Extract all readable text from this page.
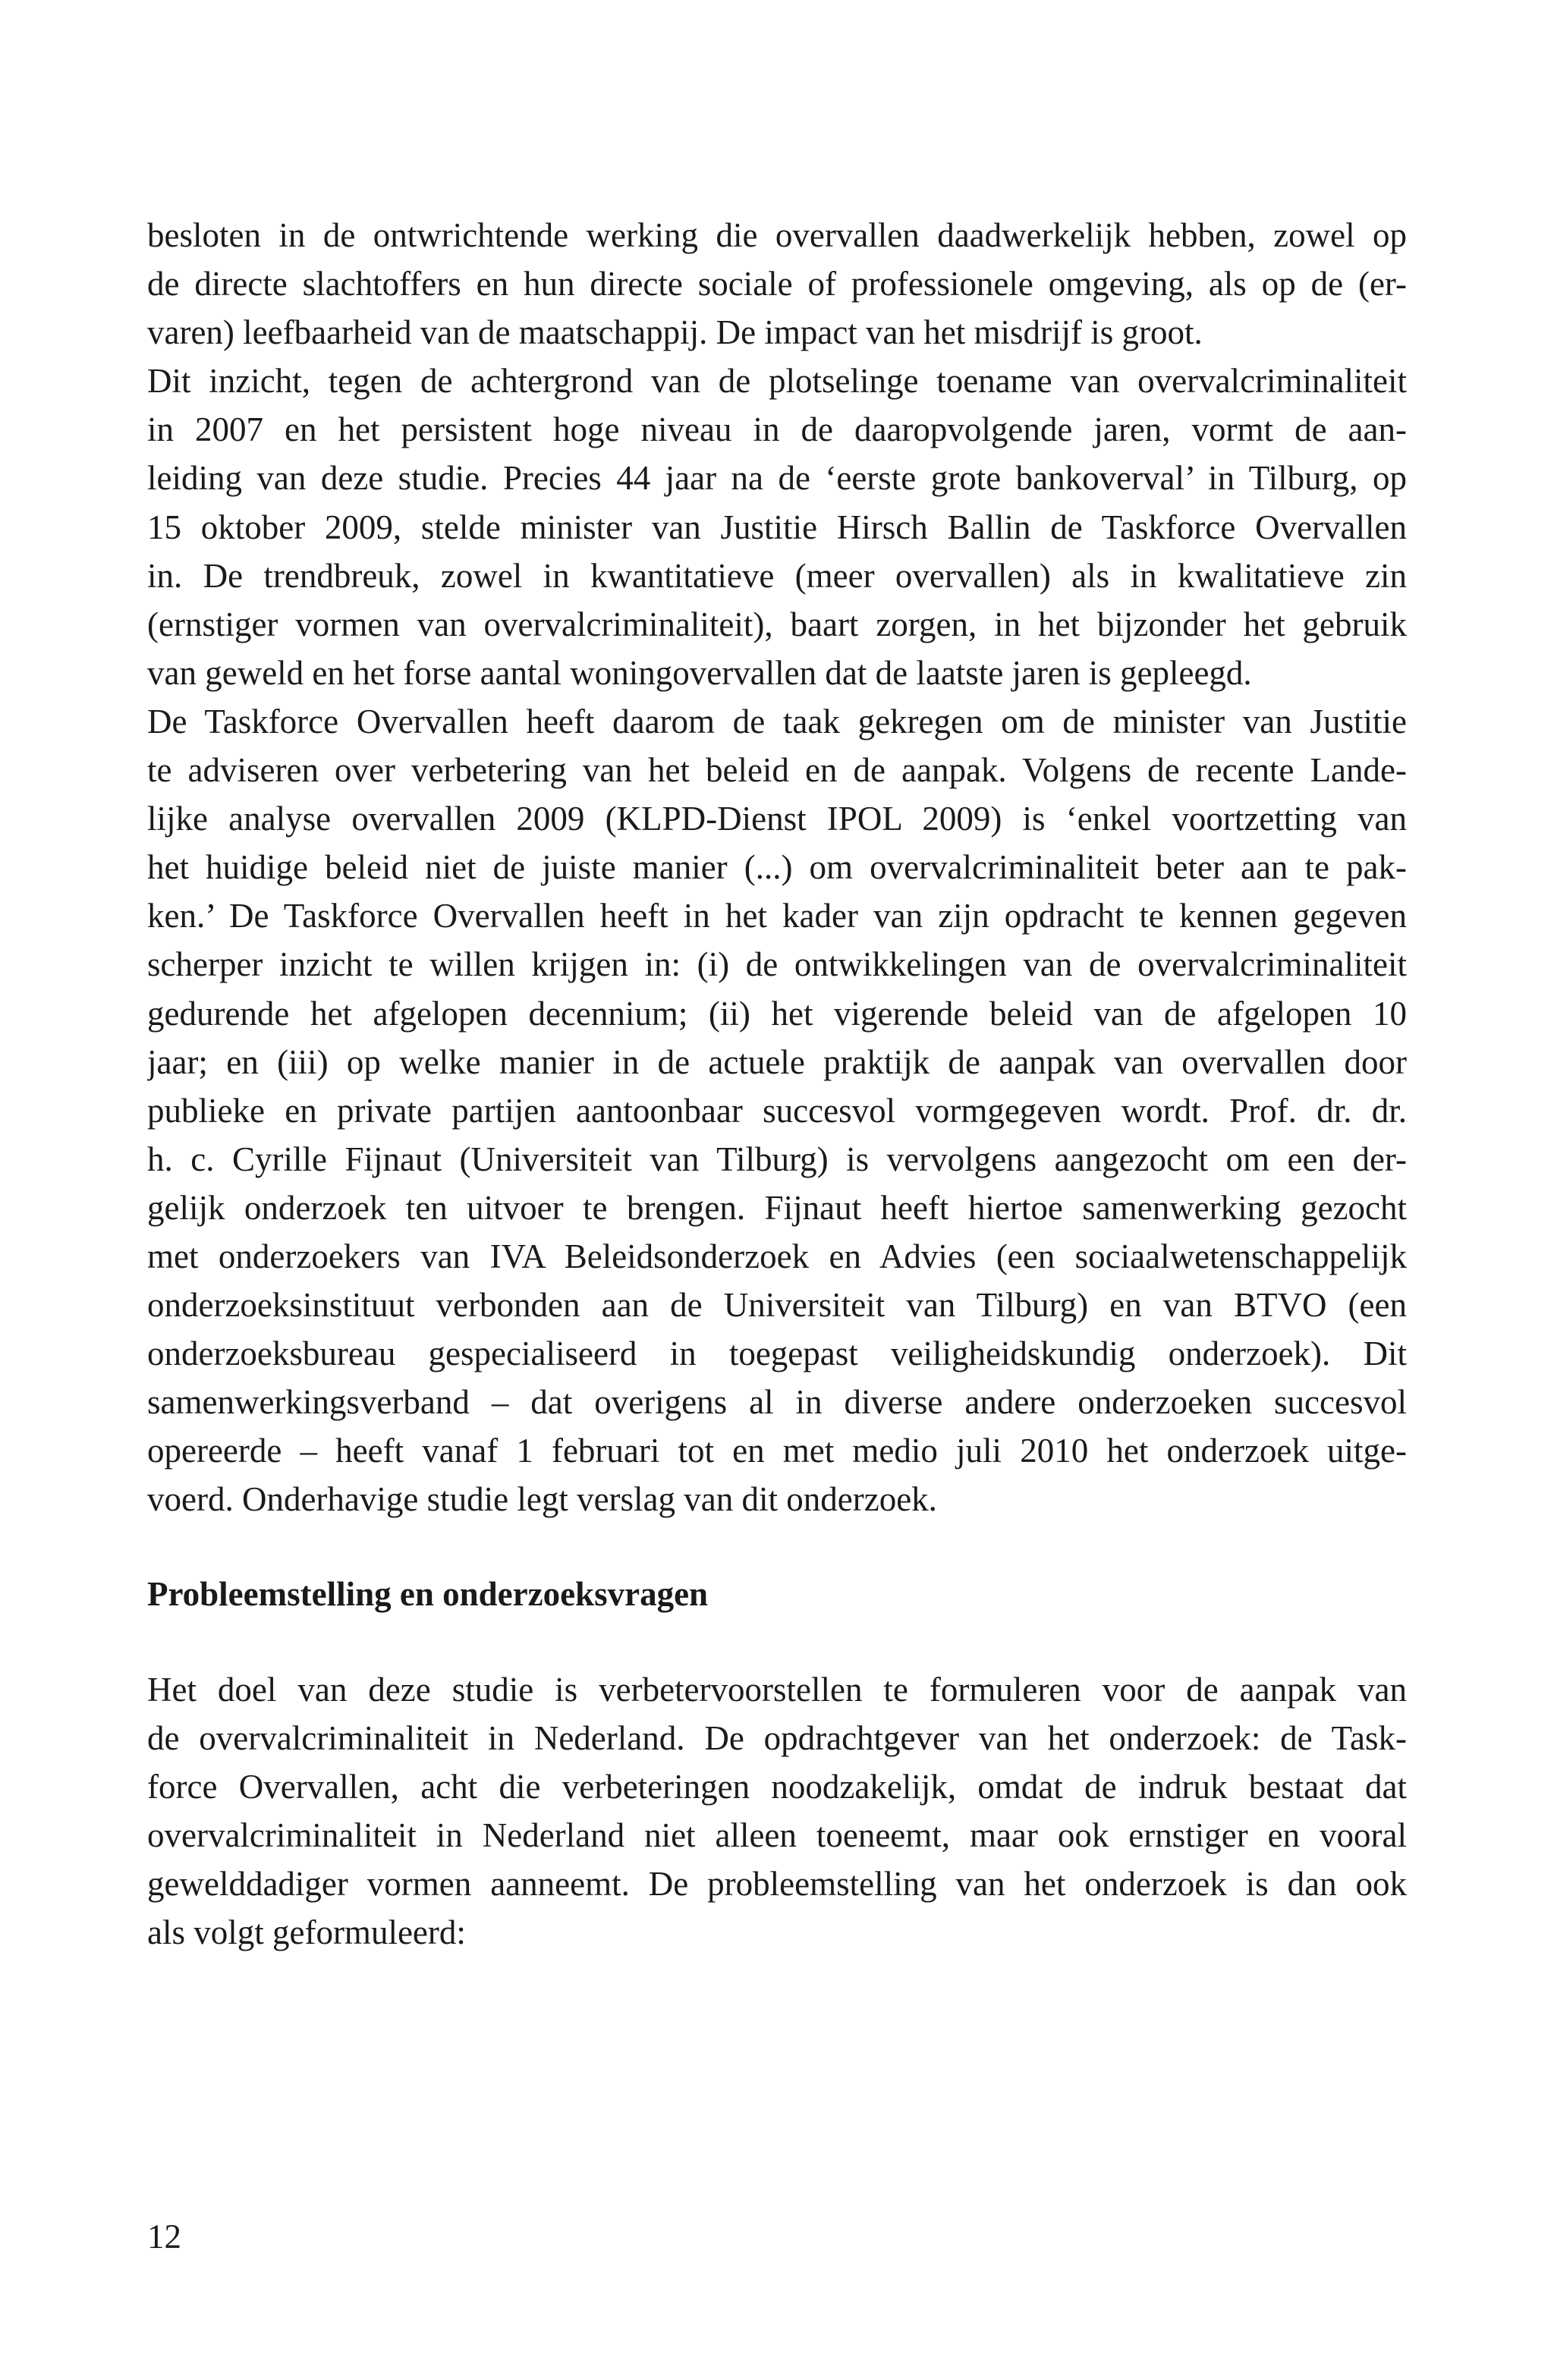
besloten in de ontwrichtende werking die overvallen daadwerkelijk hebben, zowel op
de directe slachtoffers en hun directe sociale of professionele omgeving, als op de (er-
varen) leefbaarheid van de maatschappij. De impact van het misdrijf is groot.
Dit inzicht, tegen de achtergrond van de plotselinge toename van overvalcriminaliteit
in 2007 en het persistent hoge niveau in de daaropvolgende jaren, vormt de aan-
leiding van deze studie. Precies 44 jaar na de ‘eerste grote bankoverval’ in Tilburg, op
15 oktober 2009, stelde minister van Justitie Hirsch Ballin de Taskforce Overvallen
in. De trendbreuk, zowel in kwantitatieve (meer overvallen) als in kwalitatieve zin
(ernstiger vormen van overvalcriminaliteit), baart zorgen, in het bijzonder het gebruik
van geweld en het forse aantal woningovervallen dat de laatste jaren is gepleegd.
De Taskforce Overvallen heeft daarom de taak gekregen om de minister van Justitie
te adviseren over verbetering van het beleid en de aanpak. Volgens de recente Lande-
lijke analyse overvallen 2009 (KLPD-Dienst IPOL 2009) is ‘enkel voortzetting van
het huidige beleid niet de juiste manier (...) om overvalcriminaliteit beter aan te pak-
ken.’ De Taskforce Overvallen heeft in het kader van zijn opdracht te kennen gegeven
scherper inzicht te willen krijgen in: (i) de ontwikkelingen van de overvalcriminaliteit
gedurende het afgelopen decennium; (ii) het vigerende beleid van de afgelopen 10
jaar; en (iii) op welke manier in de actuele praktijk de aanpak van overvallen door
publieke en private partijen aantoonbaar succesvol vormgegeven wordt. Prof. dr. dr.
h. c. Cyrille Fijnaut (Universiteit van Tilburg) is vervolgens aangezocht om een der-
gelijk onderzoek ten uitvoer te brengen. Fijnaut heeft hiertoe samenwerking gezocht
met onderzoekers van IVA Beleidsonderzoek en Advies (een sociaalwetenschappelijk
onderzoeksinstituut verbonden aan de Universiteit van Tilburg) en van BTVO (een
onderzoeksbureau gespecialiseerd in toegepast veiligheidskundig onderzoek). Dit
samenwerkingsverband – dat overigens al in diverse andere onderzoeken succesvol
opereerde – heeft vanaf 1 februari tot en met medio juli 2010 het onderzoek uitge-
voerd. Onderhavige studie legt verslag van dit onderzoek.
Probleemstelling en onderzoeksvragen
Het doel van deze studie is verbetervoorstellen te formuleren voor de aanpak van
de overvalcriminaliteit in Nederland. De opdrachtgever van het onderzoek: de Task-
force Overvallen, acht die verbeteringen noodzakelijk, omdat de indruk bestaat dat
overvalcriminaliteit in Nederland niet alleen toeneemt, maar ook ernstiger en vooral
gewelddadiger vormen aanneemt. De probleemstelling van het onderzoek is dan ook
als volgt geformuleerd:
12
